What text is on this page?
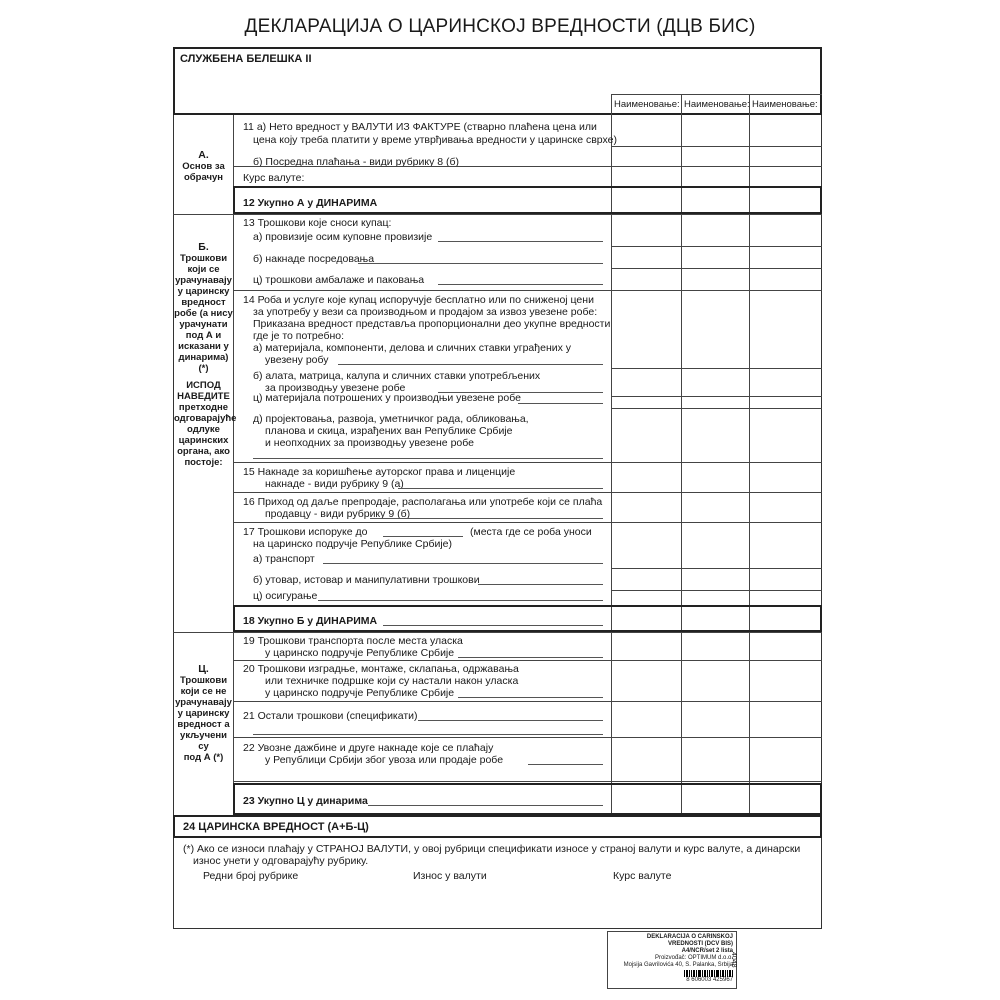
ДЕКЛАРАЦИЈА О ЦАРИНСКОЈ ВРЕДНОСТИ (ДЦВ БИС)
СЛУЖБЕНА БЕЛЕШКА II
Наименовање: Наименовање: Наименовање:
А.
Основ за
обрачун
11 а) Нето вредност у ВАЛУТИ ИЗ ФАКТУРЕ (стварно плаћена цена или
цена коју треба платити у време утврђивања вредности у царинске сврхе)
б) Посредна плаћања - види рубрику 8 (б)
Курс валуте:
12 Укупно А у ДИНАРИМА
Б.
Трошкови
који се
урачунавају
у царинску
вредност
робе (а нису
урачунати
под А и
исказани у
динарима) (*)
ИСПОД
НАВЕДИТЕ
претходне
одговарајуће
одлуке
царинских
органа, ако
постоје:
13 Трошкови које сноси купац:
а) провизије осим куповне провизије
б) накнаде посредовања
ц) трошкови амбалаже и паковања
14 Роба и услуге које купац испоручује бесплатно или по сниженој цени
за употребу у вези са производњом и продајом за извоз увезене робе:
Приказана вредност представља пропорционални део укупне вредности
где је то потребно:
а) материјала, компоненти, делова и сличних ставки уграђених у
увезену робу
б) алата, матрица, калупа и сличних ставки употребљених
за производњу увезене робе
ц) материјала потрошених у производњи увезене робе
д) пројектовања, развоја, уметничког рада, обликовања,
планова и скица, израђених ван Републике Србије
и неопходних за производњу увезене робе
15 Накнаде за коришћење ауторског права и лиценције
накнаде - види рубрику 9 (а)
16 Приход од даље препродаје, располагања или употребе који се плаћа
продавцу - види рубрику 9 (б)
17 Трошкови испоруке до	(места где се роба уноси
на царинско подручје Републике Србије)
а) транспорт
б) утовар, истовар и манипулативни трошкови
ц) осигурање
18 Укупно Б у ДИНАРИМА
Ц.
Трошкови
који се не
урачунавају
у царинску
вредност а
укључени су
под А (*)
19 Трошкови транспорта после места уласка
у царинско подручје Републике Србије
20 Трошкови изградње, монтаже, склапања, одржавања
или техничке подршке који су настали након уласка
у царинско подручје Републике Србије
21 Остали трошкови (спецификати)
22 Увозне дажбине и друге накнаде које се плаћају
у Републици Србији због увоза или продаје робе
23 Укупно Ц у динарима
24 ЦАРИНСКА ВРЕДНОСТ (А+Б-Ц)
(*) Ако се износи плаћају у СТРАНОЈ ВАЛУТИ, у овој рубрици спецификати износе у страној валути и курс валуте, а динарски
износ унети у одговарајућу рубрику.
Редни број рубрике	Износ у валути	Курс валуте
DEKLARACIJA O CARINSKOJ
VREDNOSTI (DCV BIS)
A4/NCR/set 2 lista
Proizvođač: OPTIMUM d.o.o.
Mojsija Gavrilovića 40, S. Palanka, Srbija
8 606003 425967
4048
